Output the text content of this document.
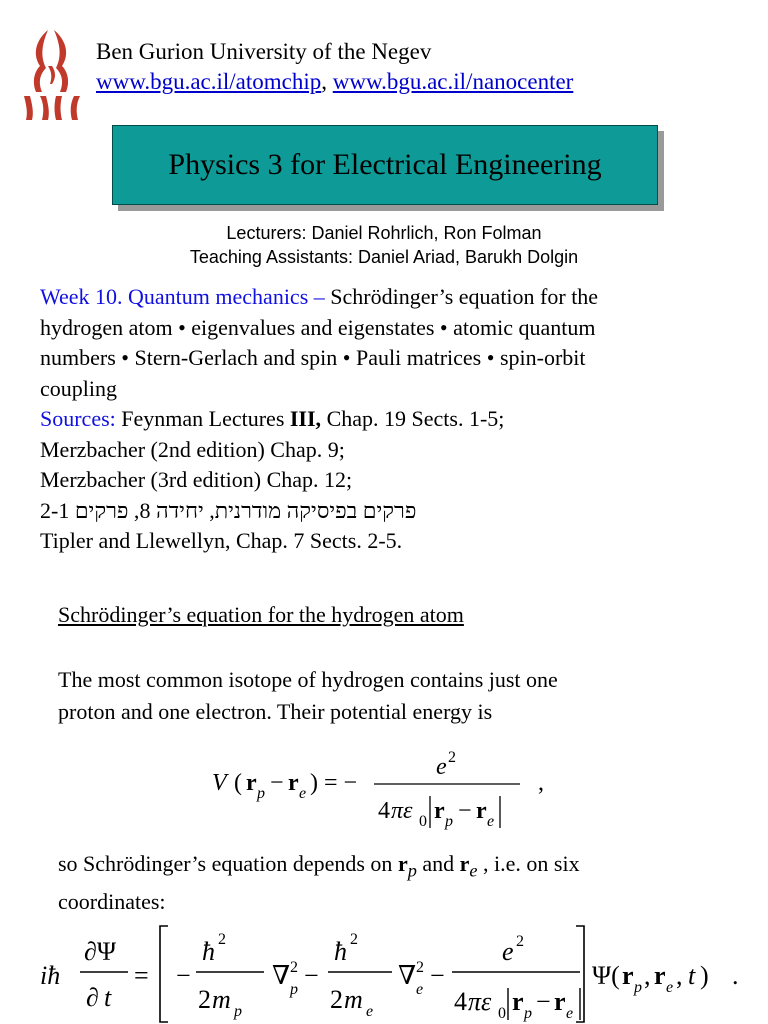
Ben Gurion University of the Negev
www.bgu.ac.il/atomchip, www.bgu.ac.il/nanocenter
Physics 3 for Electrical Engineering
Lecturers: Daniel Rohrlich, Ron Folman
Teaching Assistants: Daniel Ariad, Barukh Dolgin
Week 10. Quantum mechanics – Schrödinger’s equation for the
hydrogen atom • eigenvalues and eigenstates • atomic quantum
numbers • Stern-Gerlach and spin • Pauli matrices • spin-orbit
coupling
Sources: Feynman Lectures III, Chap. 19 Sects. 1-5;
Merzbacher (2nd edition) Chap. 9;
Merzbacher (3rd edition) Chap. 12;
פרקים בפיסיקה מודרנית, יחידה 8, פרקים 2-1
Tipler and Llewellyn, Chap. 7 Sects. 2-5.
Schrödinger’s equation for the hydrogen atom
The most common isotope of hydrogen contains just one
proton and one electron. Their potential energy is
V ( r p − r e ) = −
e 2
4 πε 0 r p − r e
,
so Schrödinger’s equation depends on $r_p$ and $r_e$ , i.e. on six
coordinates:
iħ
∂Ψ
∂ t
= −
ħ 2
2 m p
∇ 2
p −
ħ 2
2 m e
∇ 2
e −
e 2
4 πε 0 r p − r e
Ψ( r p , r e , t ) .
